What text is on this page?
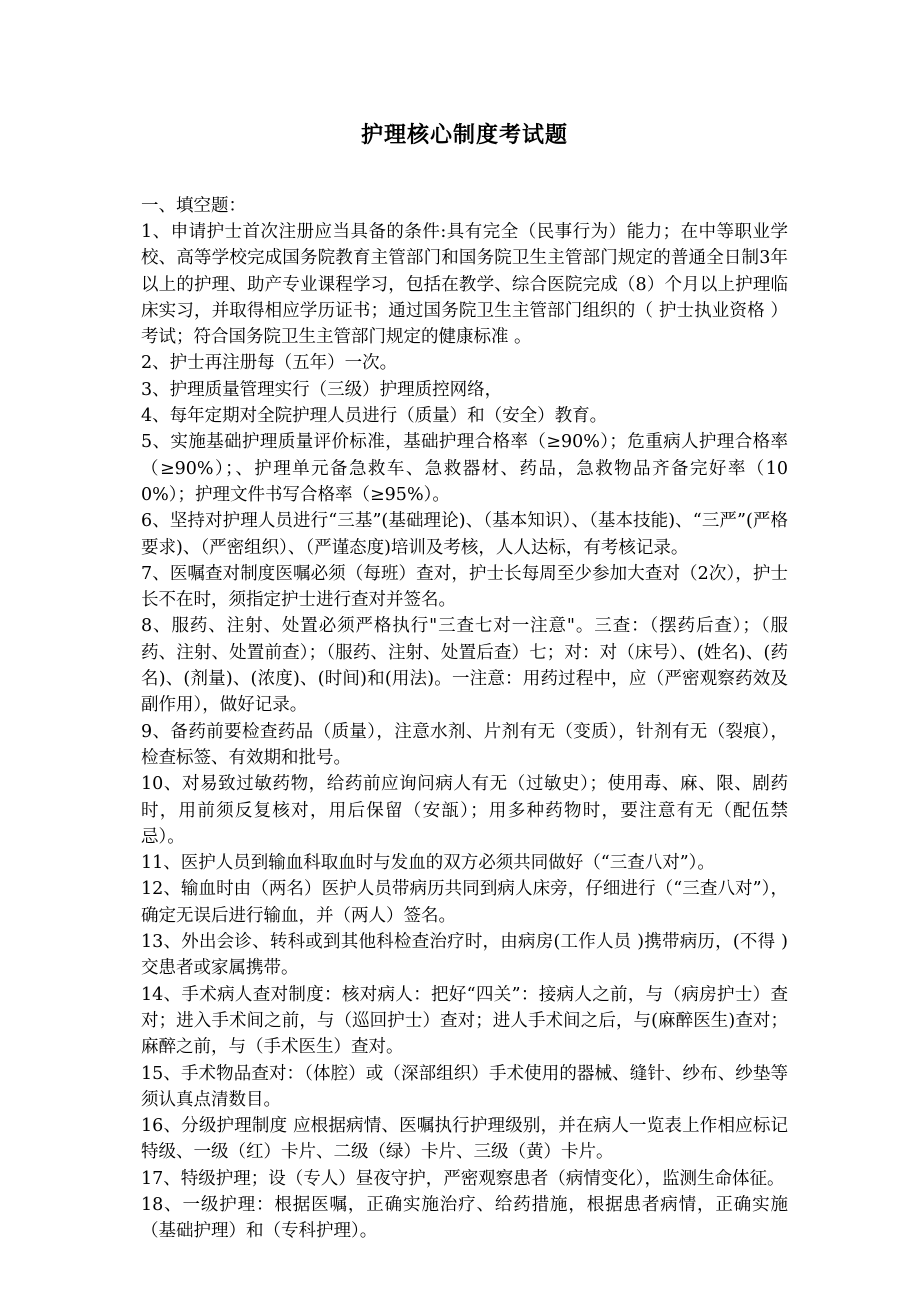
护理核心制度考试题

一、填空题：

1、申请护士首次注册应当具备的条件:具有完全（民事行为）能力；在中等职业学校、高等学校完成国务院教育主管部门和国务院卫生主管部门规定的普通全日制3年以上的护理、助产专业课程学习，包括在教学、综合医院完成（8）个月以上护理临床实习，并取得相应学历证书；通过国务院卫生主管部门组织的（ 护士执业资格 ）考试；符合国务院卫生主管部门规定的健康标准 。

2、护士再注册每（五年）一次。

3、护理质量管理实行（三级）护理质控网络，

4、每年定期对全院护理人员进行（质量）和（安全）教育。

5、实施基础护理质量评价标准，基础护理合格率（≥90%）；危重病人护理合格率（≥90%）；、护理单元备急救车、急救器材、药品，急救物品齐备完好率（100%）；护理文件书写合格率（≥95%）。

6、坚持对护理人员进行“三基”(基础理论)、（基本知识）、（基本技能)、“三严”(严格要求)、（严密组织）、（严谨态度)培训及考核，人人达标，有考核记录。

7、医嘱查对制度医嘱必须（每班）查对，护士长每周至少参加大查对（2次），护士长不在时，须指定护士进行查对并签名。

8、服药、注射、处置必须严格执行"三查七对一注意"。三查：（摆药后查）；（服药、注射、处置前查）；（服药、注射、处置后查）七；对：对（床号）、(姓名)、(药名)、(剂量)、(浓度)、(时间)和(用法)。一注意：用药过程中，应（严密观察药效及副作用），做好记录。

9、备药前要检查药品（质量），注意水剂、片剂有无（变质），针剂有无（裂痕），检查标签、有效期和批号。

10、对易致过敏药物，给药前应询问病人有无（过敏史）；使用毒、麻、限、剧药时，用前须反复核对，用后保留（安瓿）；用多种药物时，要注意有无（配伍禁忌）。

11、医护人员到输血科取血时与发血的双方必须共同做好（“三查八对”）。

12、输血时由（两名）医护人员带病历共同到病人床旁，仔细进行（“三查八对”），确定无误后进行输血，并（两人）签名。

13、外出会诊、转科或到其他科检查治疗时，由病房(工作人员 )携带病历，(不得 )交患者或家属携带。

14、手术病人查对制度：核对病人：把好“四关”：接病人之前，与（病房护士）查对；进入手术间之前，与（巡回护士）查对；进人手术间之后，与(麻醉医生)查对；麻醉之前，与（手术医生）查对。

15、手术物品查对：（体腔）或（深部组织）手术使用的器械、缝针、纱布、纱垫等须认真点清数目。

16、分级护理制度 应根据病情、医嘱执行护理级别，并在病人一览表上作相应标记特级、一级（红）卡片、二级（绿）卡片、三级（黄）卡片。

17、特级护理；设（专人）昼夜守护，严密观察患者（病情变化），监测生命体征。

18、一级护理：根据医嘱，正确实施治疗、给药措施，根据患者病情，正确实施（基础护理）和（专科护理）。
